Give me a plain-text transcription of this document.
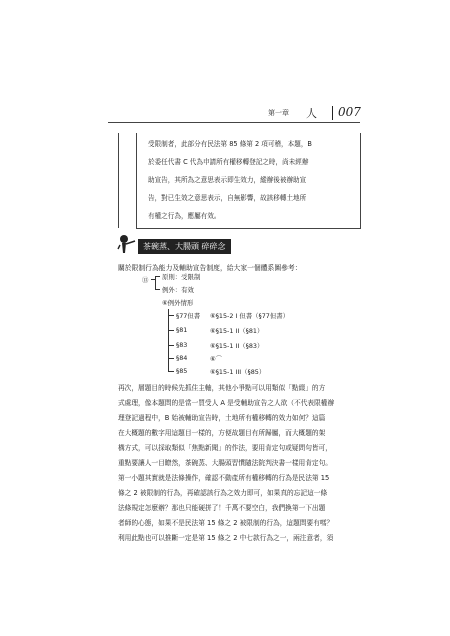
第一章 人 007
受限制者，此部分有民法第 85 條第 2 項可稽，本題，B
於委任代書 C 代為申請所有權移轉登記之時，尚未經辦
助宣告，其所為之意思表示即生效力，縱辦後被辦助宣
告，對已生效之意思表示，自無影響，故該移轉土地所
有權之行為，應屬有效。
茶碗蒸、大腸頭 碎碎念
關於限制行為能力及輔助宣告制度，給大家一個體系圖參考：
⑬ 原則：受限制
例外：有效
⑥例外情形
§77但書 ⑥§15-2 I 但書（§77但書）
§81	⑥§15-1 II（§81）
§83	⑥§15-1 II（§83）
§84	⑥⌒
§85	⑥§15-1 III（§85）
再次，層題目的時候先抓住主軸，其他小爭點可以用類似「點綴」的方
式處理，像本題問的是當一買受人 A 是受輔助宣告之人欲（不代表限權辦
理登記過程中，B 始被輔助宣告時，土地所有權移轉的效力如何？這篇
在大概題的數字用這題目一樣的，方便故題目有所歸屬，而大概題的架
構方式，可以採取類似「焦點新聞」的作法，要用肯定句或疑問句皆可，
重點要讓人一目瞭然，茶碗蒸、大腸頭習慣隨法院判決書一樣用肯定句。
第一小題其實就是法條操作，確認不動產所有權移轉的行為是民法第 15
條之 2 被限制的行為，再確認該行為之效力即可，如果真的忘記這一條
法條規定怎麼辦？那也只能硬拼了！千萬不要空白，我們換第一下出題
者師的心態，如果不是民法第 15 條之 2 被限制的行為，這題問要有嗎？
利用此點也可以推斷一定是第 15 條之 2 中七款行為之一，兩注意者，須
